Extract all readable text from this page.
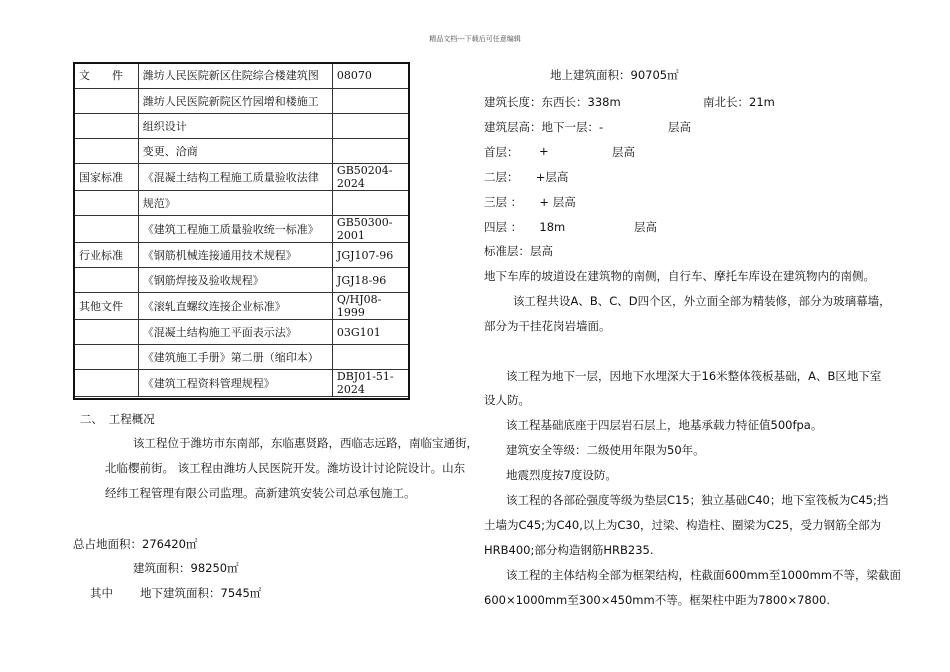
精品文档---下载后可任意编辑
文　　件	潍坊人民医院新区住院综合楼建筑图	08070
	潍坊人民医院新院区竹园增和楼施工	
	组织设计	
	变更、洽商	
国家标准	《混凝土结构工程施工质量验收法律	GB50204-2024
	规范》	
	《建筑工程施工质量验收统一标准》	GB50300-2001
行业标准	《钢筋机械连接通用技术规程》	JGJ107-96
	《钢筋焊接及验收规程》	JGJ18-96
其他文件	《滚轧直螺纹连接企业标准》	Q/HJ08-1999
	《混凝土结构施工平面表示法》	03G101
	《建筑施工手册》第二册（缩印本）	
	《建筑工程资料管理规程》	DBJ01-51-2024
二、　工程概况
该工程位于潍坊市东南部，东临惠贤路，西临志远路，南临宝通街，
北临樱前街。 该工程由潍坊人民医院开发。潍坊设计讨论院设计。山东
经纬工程管理有限公司监理。高新建筑安装公司总承包施工。
总占地面积：276420㎡
建筑面积：98250㎡
其中 地下建筑面积：7545㎡
地上建筑面积：90705㎡
建筑长度：东西长：338m	南北长：21m
建筑层高：地下一层：-	层高
首层： +	层高
二层：　　+层高
三层 ：　　+ 层高
四层 ：　　18m	层高
标准层：层高
地下车库的坡道设在建筑物的南侧，自行车、摩托车库设在建筑物内的南侧。
该工程共设A、B、C、D四个区，外立面全部为精装修，部分为玻璃幕墙，
部分为干挂花岗岩墙面。
该工程为地下一层，因地下水埋深大于16米整体筏板基础，A、B区地下室
设人防。
该工程基础底座于四层岩石层上，地基承载力特征值500fpa。
建筑安全等级：二级使用年限为50年。
地震烈度按7度设防。
该工程的各部砼强度等级为垫层C15；独立基础C40；地下室筏板为C45;挡
土墙为C45;为C40,以上为C30，过梁、构造柱、圈梁为C25，受力钢筋全部为
HRB400;部分构造钢筋HRB235.
该工程的主体结构全部为框架结构，柱截面600mm至1000mm不等，梁截面
600×1000mm至300×450mm不等。框架柱中距为7800×7800.
